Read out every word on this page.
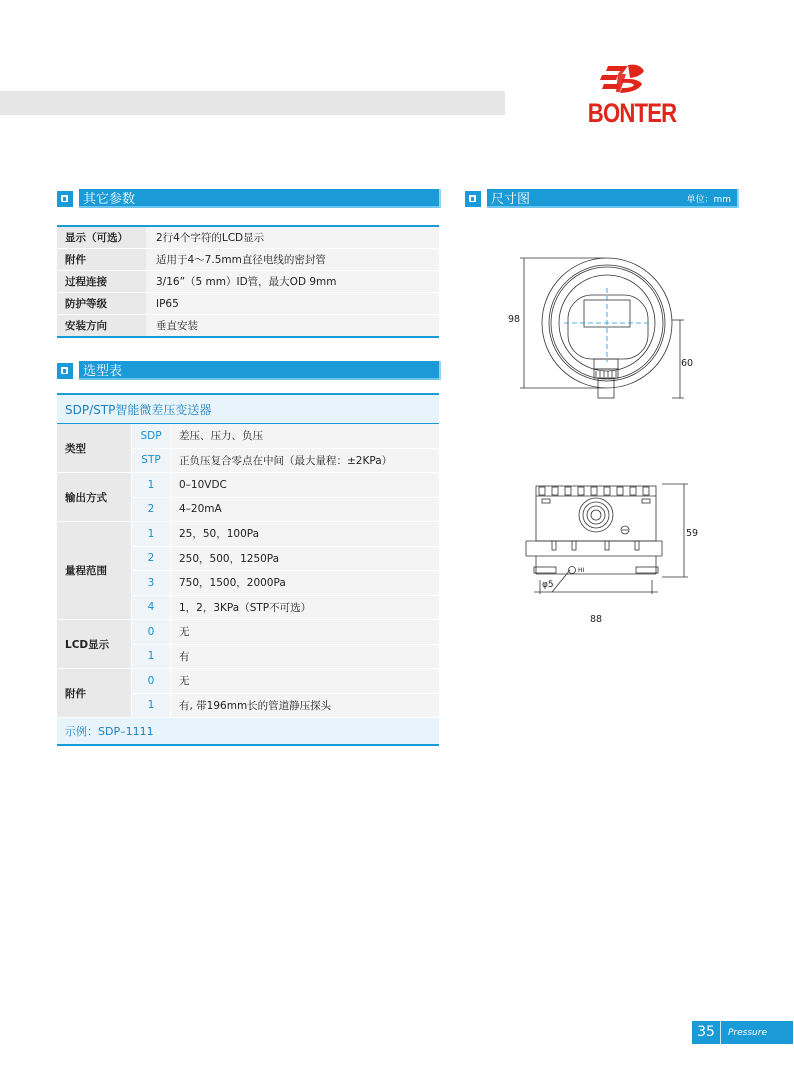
BONTER
其它参数
显示（可选）	2行4个字符的LCD显示
附件	适用于4～7.5mm直径电线的密封管
过程连接	3/16”（5 mm）ID管，最大OD 9mm
防护等级	IP65
安装方向	垂直安装
选型表
SDP/STP智能微差压变送器		
类型	SDP	差压、压力、负压
	STP	正负压复合零点在中间（最大量程：±2KPa）
输出方式	1	0–10VDC
	2	4–20mA
量程范围	1	25，50，100Pa
	2	250，500，1250Pa
	3	750，1500，2000Pa
	4	1，2，3KPa（STP不可选）
LCD显示	0	无
	1	有
附件	0	无
	1	有, 带196mm长的管道静压探头
示例：SDP–1111		
尺寸图	单位：mm
98
60
HI
φ5
88
59
35	Pressure
